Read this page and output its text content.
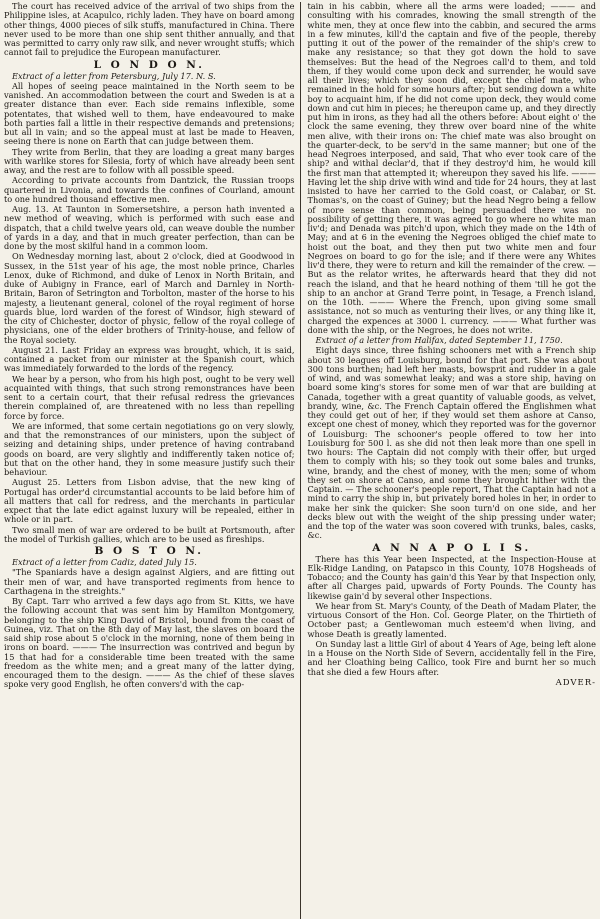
The court has received advice of the arrival of two ships from the Philippine isles, at Acapulco, richly laden. They have on board among other things, 4000 pieces of silk stuffs, manufactured in China. There never used to be more than one ship sent thither annually, and that was permitted to carry only raw silk, and never wrought stuffs; which cannot fail to prejudice the European manufacturer.

L O N D O N.

Extract of a letter from Petersburg, July 17. N. S.

All hopes of seeing peace maintained in the North seem to be vanished. An accommodation between the court and Sweden is at a greater distance than ever. Each side remains inflexible, some potentates, that wished well to them, have endeavoured to make both parties fall a little in their respective demands and pretensions; but all in vain; and so the appeal must at last be made to Heaven, seeing there is none on Earth that can judge between them.

They write from Berlin, that they are loading a great many barges with warlike stores for Silesia, forty of which have already been sent away, and the rest are to follow with all possible speed.

According to private accounts from Dantzick, the Russian troops quartered in Livonia, and towards the confines of Courland, amount to one hundred thousand effective men.

Aug. 13. At Taunton in Somersetshire, a person hath invented a new method of weaving, which is performed with such ease and dispatch, that a child twelve years old, can weave double the number of yards in a day, and that in much greater perfection, than can be done by the most skilful hand in a common loom.

On Wednesday morning last, about 2 o'clock, died at Goodwood in Sussex, in the 51st year of his age, the most noble prince, Charles Lenox, duke of Richmond, and duke of Lenox in North Britain, and duke of Aubigny in France, earl of March and Darnley in North-Britain, Baron of Setrington and Torbolton, master of the horse to his majesty, a lieutenant general, colonel of the royal regiment of horse guards blue, lord warden of the forest of Windsor, high steward of the city of Chichester, doctor of physic, fellow of the royal college of physicians, one of the elder brothers of Trinity-house, and fellow of the Royal society.

August 21. Last Friday an express was brought, which, it is said, contained a packet from our minister at the Spanish court, which was immediately forwarded to the lords of the regency.

We hear by a person, who from his high post, ought to be very well acquainted with things, that such strong remonstrances have been sent to a certain court, that their refusal redress the grievances therein complained of, are threatened with no less than repelling force by force.

We are informed, that some certain negotiations go on very slowly, and that the remonstrances of our ministers, upon the subject of seizing and detaining ships, under pretence of having contraband goods on board, are very slightly and indifferently taken notice of; but that on the other hand, they in some measure justify such their behaviour.

August 25. Letters from Lisbon advise, that the new king of Portugal has order'd circumstantial accounts to be laid before him of all matters that call for redress, and the merchants in particular expect that the late edict against luxury will be repealed, either in whole or in part.

Two small men of war are ordered to be built at Portsmouth, after the model of Turkish gallies, which are to be used as fireships.

B O S T O N.

Extract of a letter from Cadiz, dated July 15.

"The Spaniards have a design against Algiers, and are fitting out their men of war, and have transported regiments from hence to Carthagena in the streights."

By Capt. Tarr who arrived a few days ago from St. Kitts, we have the following account that was sent him by Hamilton Montgomery, belonging to the ship King David of Bristol, bound from the coast of Guinea, viz. That on the 8th day of May last, the slaves on board the said ship rose about 5 o'clock in the morning, none of them being in irons on board. ——— The insurrection was contrived and begun by 15 that had for a considerable time been treated with the same freedom as the white men; and a great many of the latter dying, encouraged them to the design. ——— As the chief of these slaves spoke very good English, he often convers'd with the cap-

tain in his cabbin, where all the arms were loaded; ——— and consulting with his comrades, knowing the small strength of the white men, they at once flew into the cabbin, and secured the arms in a few minutes, kill'd the captain and five of the people, thereby putting it out of the power of the remainder of the ship's crew to make any resistance; so that they got down the hold to save themselves: But the head of the Negroes call'd to them, and told them, if they would come upon deck and surrender, he would save all their lives; which they soon did, except the chief mate, who remained in the hold for some hours after; but sending down a white boy to acquaint him, if he did not come upon deck, they would come down and cut him in pieces; he thereupon came up, and they directly put him in irons, as they had all the others before: About eight o' the clock the same evening, they threw over board nine of the white men alive, with their irons on: The chief mate was also brought on the quarter-deck, to be serv'd in the same manner; but one of the head Negroes interposed, and said, That who ever took care of the ship? and withal declar'd, that if they destroy'd him, he would kill the first man that attempted it; whereupon they saved his life. ——— Having let the ship drive with wind and tide for 24 hours, they at last insisted to have her carried to the Gold coast, or Calabar, or St. Thomas's, on the coast of Guiney; but the head Negro being a fellow of more sense than common, being persuaded there was no possibility of getting there, it was agreed to go where no white man liv'd; and Denada was pitch'd upon, which they made on the 14th of May; and at 6 in the evening the Negroes obliged the chief mate to hoist out the boat, and they then put two white men and four Negroes on board to go for the isle; and if there were any Whites liv'd there, they were to return and kill the remainder of the crew. — But as the relator writes, he afterwards heard that they did not reach the island, and that he heard nothing of them 'till he got the ship to an anchor at Grand Terre point, in Tesage, a French island, on the 10th. ——— Where the French, upon giving some small assistance, not so much as venturing their lives, or any thing like it, charged the expences at 3000 l. currency. ——— What further was done with the ship, or the Negroes, he does not write.

Extract of a letter from Halifax, dated September 11, 1750.

Eight days since, three fishing schooners met with a French ship about 30 leagues off Louisburg, bound for that port. She was about 300 tons burthen; had left her masts, bowsprit and rudder in a gale of wind, and was somewhat leaky; and was a store ship, having on board some king's stores for some men of war that are building at Canada, together with a great quantity of valuable goods, as velvet, brandy, wine, &c. The French Captain offered the Englishmen what they could get out of her, if they would set them ashore at Canso, except one chest of money, which they reported was for the governor of Louisburg: The schooner's people offered to tow her into Louisburg for 500 l. as she did not then leak more than one spell in two hours: The Captain did not comply with their offer, but urged them to comply with his; so they took out some bales and trunks, wine, brandy, and the chest of money, with the men; some of whom they set on shore at Canso, and some they brought hither with the Captain. — The schooner's people report, That the Captain had not a mind to carry the ship in, but privately bored holes in her, in order to make her sink the quicker: She soon turn'd on one side, and her decks blew out with the weight of the ship pressing under water; and the top of the water was soon covered with trunks, bales, casks, &c.

A N N A P O L I S.

There has this Year been Inspected, at the Inspection-House at Elk-Ridge Landing, on Patapsco in this County, 1078 Hogsheads of Tobacco; and the County has gain'd this Year by that Inspection only, after all Charges paid, upwards of Forty Pounds. The County has likewise gain'd by several other Inspections.

We hear from St. Mary's County, of the Death of Madam Plater, the virtuous Consort of the Hon. Col. George Plater, on the Thirtieth of October past; a Gentlewoman much esteem'd when living, and whose Death is greatly lamented.

On Sunday last a little Girl of about 4 Years of Age, being left alone in a House on the North Side of Severn, accidentally fell in the Fire, and her Cloathing being Callico, took Fire and burnt her so much that she died a few Hours after.

ADVER-
